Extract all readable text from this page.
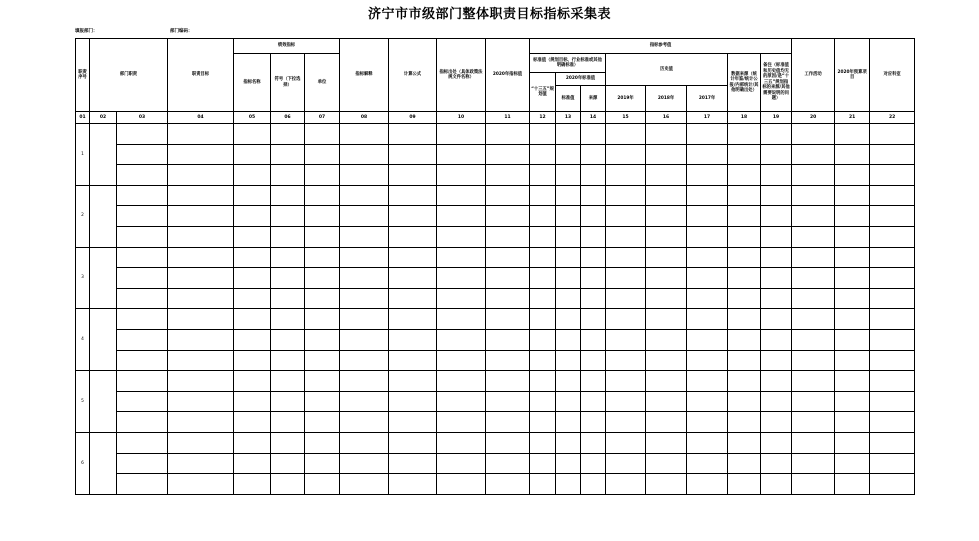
济宁市市级部门整体职责目标指标采集表
填报部门：	部门编码：
职责序号	部门职责		职责目标	绩效指标			指标解释	计算公式	指标出处（具体政策法规文件名称）	2020年指标值	指标参考值								工作活动	2020年预算项目	对应科室
				指标名称	符号（下拉选择）	单位					标准值（规划目标、行业标准或其他明确标准）			历史值			数据来源（统计年鉴/统计公报/内部统计/其他明确出处）	备注（标准值和历史值均无的原因/是“十三五”规划指标的来源/其他需要说明的问题）			
											“十三五”规划值	2020年标准值									
												标准值	来源	2019年	2018年	2017年					
01	02	03	04	05	06	07	08	09	10	11	12	13	14	15	16	17	18	19	20	21	22
1																					

2																					

3																					

4																					

5																					

6																					
